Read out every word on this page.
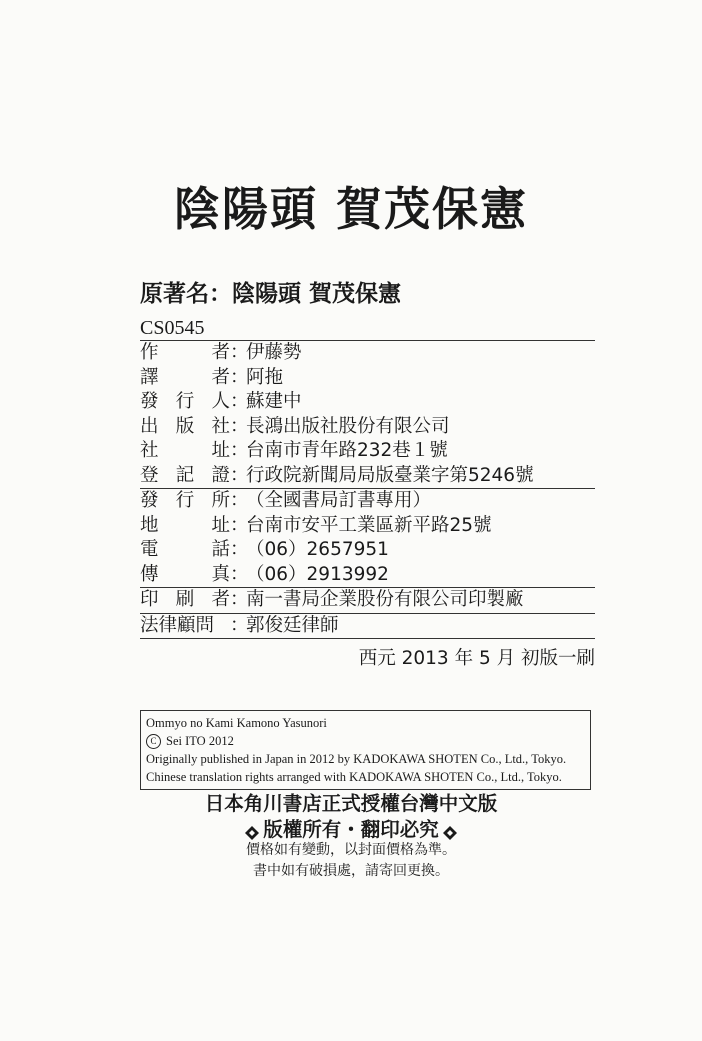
陰陽頭 賀茂保憲
原著名：陰陽頭 賀茂保憲
CS0545
作	者 ：
伊藤勢
譯	者 ：
阿拖
發 行 人 ：
蘇建中
出 版 社 ：
長鴻出版社股份有限公司
社	址 ：
台南市青年路232巷１號
登 記 證 ：
行政院新聞局局版臺業字第5246號
發 行 所 ：
（全國書局訂書專用）
地	址 ：
台南市安平工業區新平路25號
電	話 ：
（06）2657951
傳	真 ：
（06）2913992
印 刷 者 ：
南一書局企業股份有限公司印製廠
法律顧問 ：
郭俊廷律師
西元 2013 年 5 月 初版一刷
Ommyo no Kami Kamono Yasunori
C Sei ITO 2012
Originally published in Japan in 2012 by KADOKAWA SHOTEN Co., Ltd., Tokyo.
Chinese translation rights arranged with KADOKAWA SHOTEN Co., Ltd., Tokyo.
日本角川書店正式授權台灣中文版
版權所有・翻印必究
價格如有變動，以封面價格為準。
書中如有破損處，請寄回更換。
